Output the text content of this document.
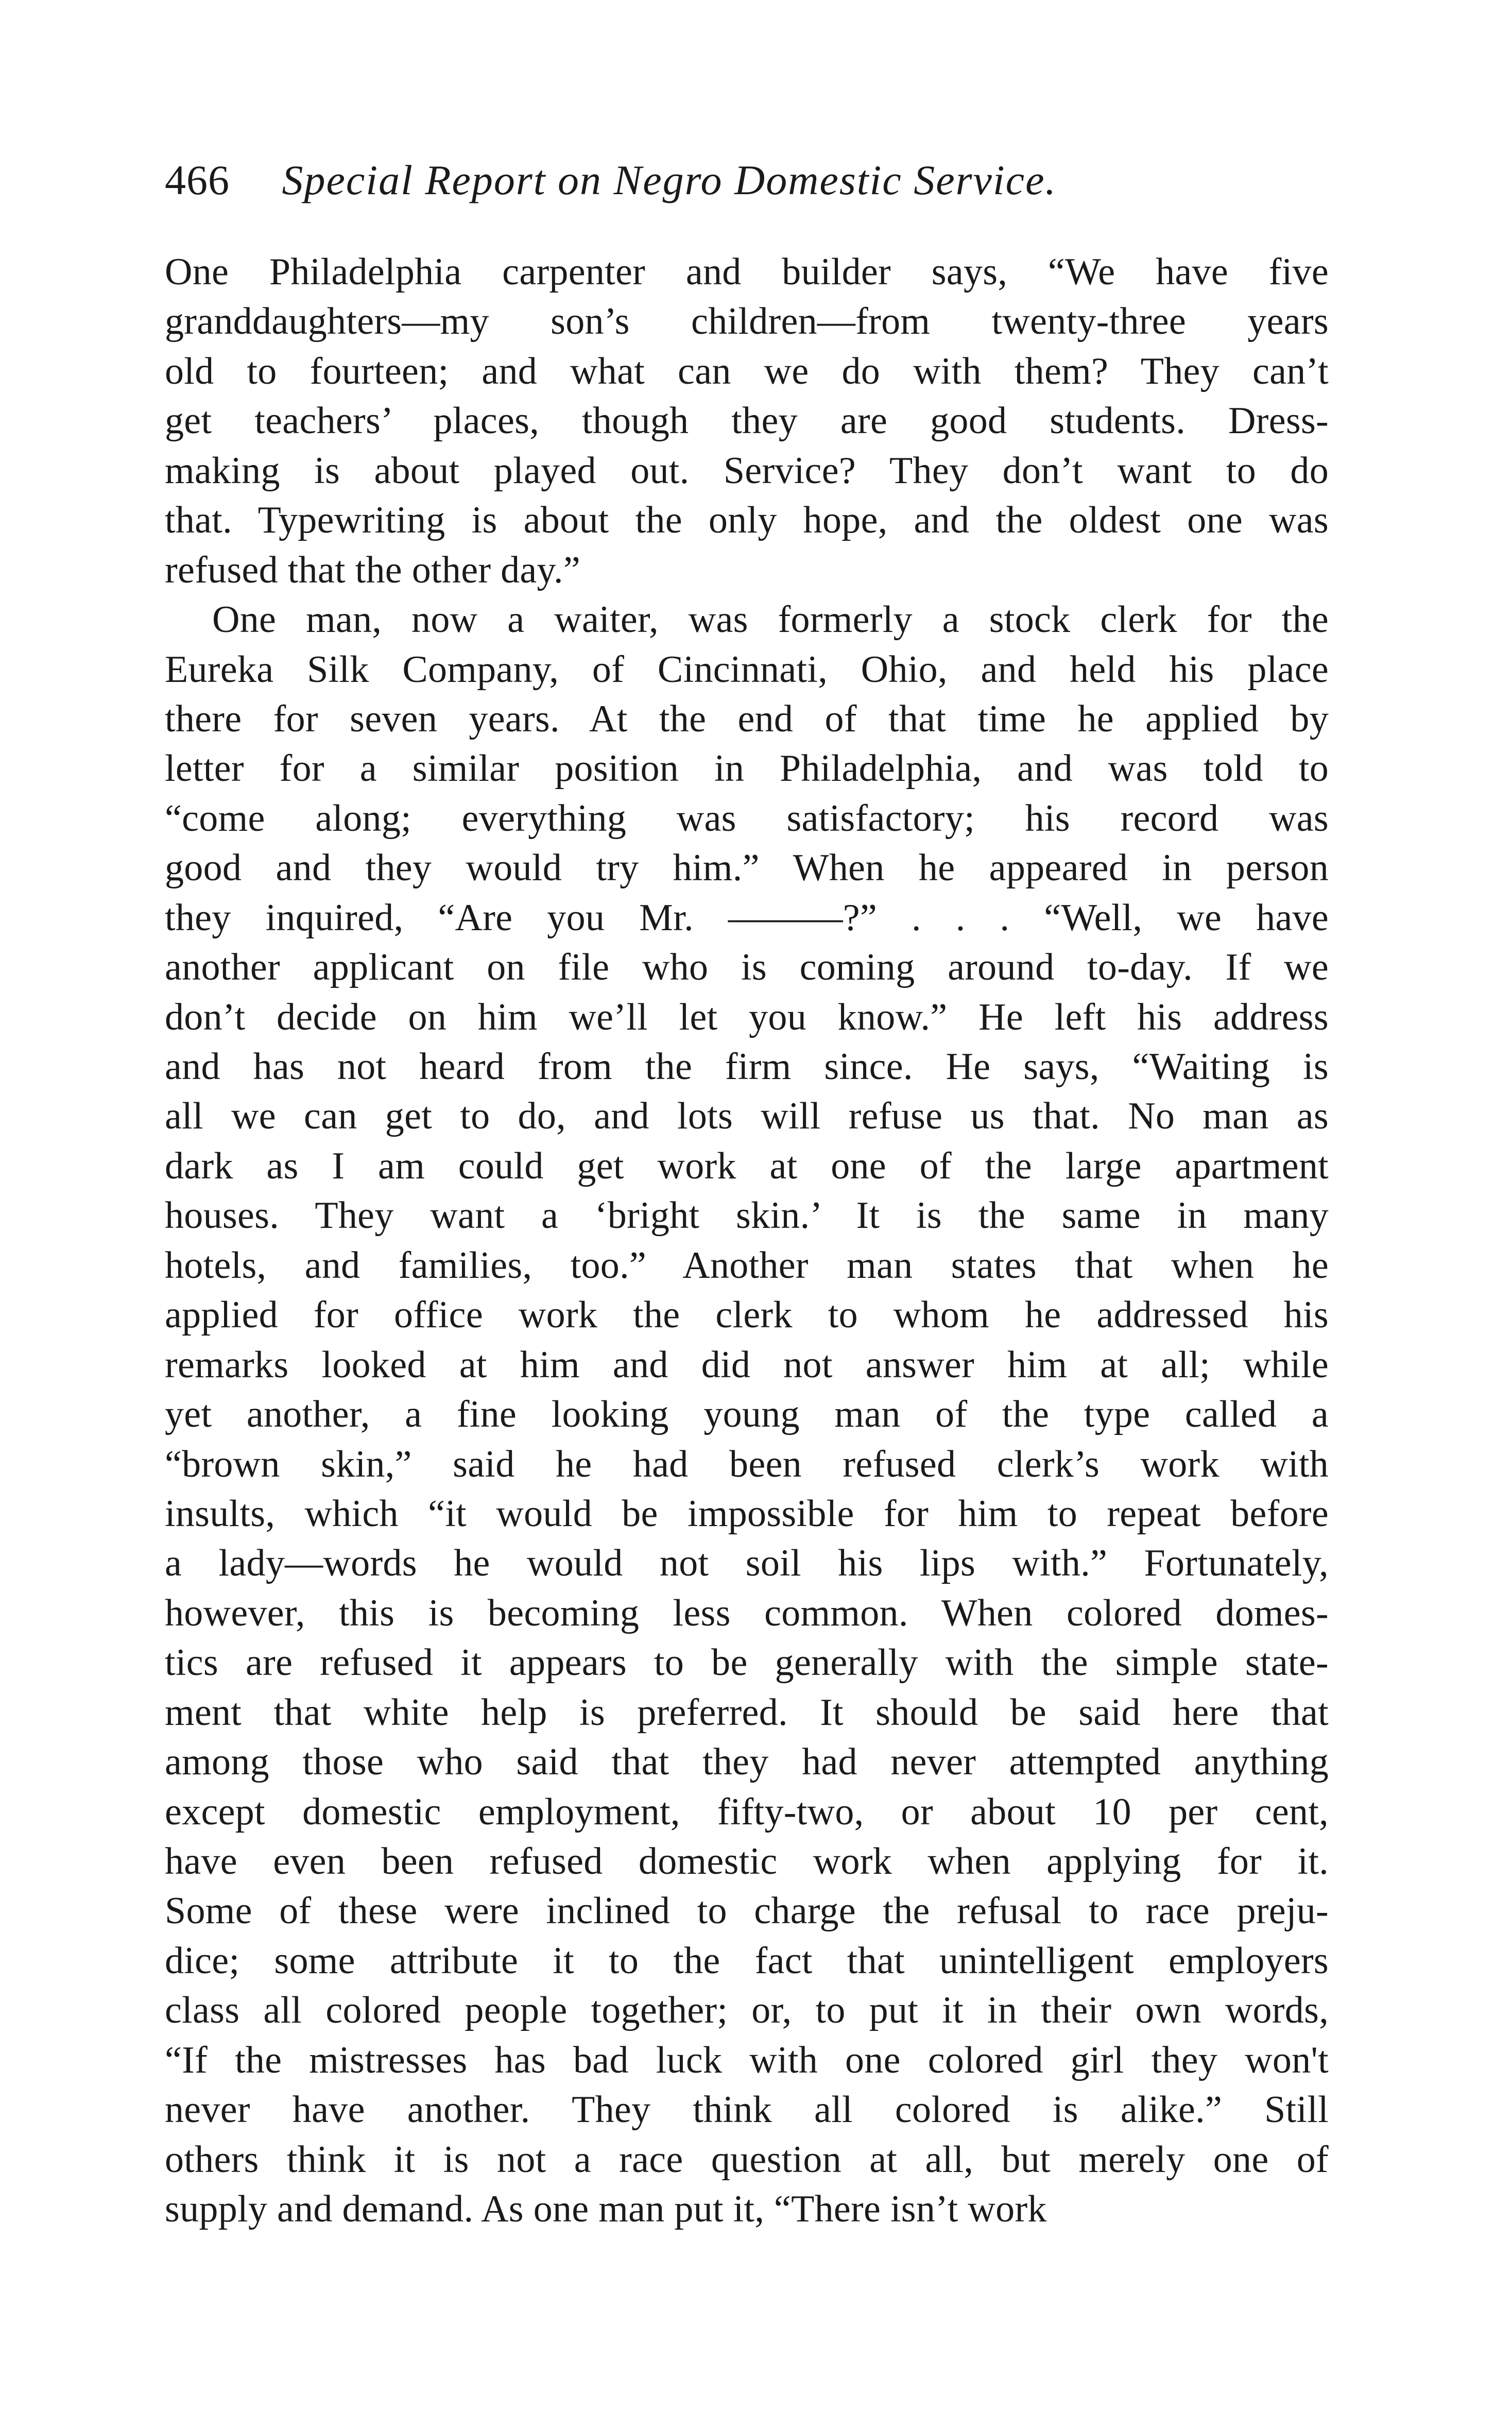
466 Special Report on Negro Domestic Service.
One Philadelphia carpenter and builder says, “We have five
granddaughters—my son’s children—from twenty-three years
old to fourteen; and what can we do with them? They can’t
get teachers’ places, though they are good students. Dress-
making is about played out. Service? They don’t want to do
that. Typewriting is about the only hope, and the oldest one was
refused that the other day.”
One man, now a waiter, was formerly a stock clerk for the
Eureka Silk Company, of Cincinnati, Ohio, and held his place
there for seven years. At the end of that time he applied by
letter for a similar position in Philadelphia, and was told to
“come along; everything was satisfactory; his record was
good and they would try him.” When he appeared in person
they inquired, “Are you Mr. ———?” . . . “Well, we have
another applicant on file who is coming around to-day. If we
don’t decide on him we’ll let you know.” He left his address
and has not heard from the firm since. He says, “Waiting is
all we can get to do, and lots will refuse us that. No man as
dark as I am could get work at one of the large apartment
houses. They want a ‘bright skin.’ It is the same in many
hotels, and families, too.” Another man states that when he
applied for office work the clerk to whom he addressed his
remarks looked at him and did not answer him at all; while
yet another, a fine looking young man of the type called a
“brown skin,” said he had been refused clerk’s work with
insults, which “it would be impossible for him to repeat before
a lady—words he would not soil his lips with.” Fortunately,
however, this is becoming less common. When colored domes-
tics are refused it appears to be generally with the simple state-
ment that white help is preferred. It should be said here that
among those who said that they had never attempted anything
except domestic employment, fifty-two, or about 10 per cent,
have even been refused domestic work when applying for it.
Some of these were inclined to charge the refusal to race preju-
dice; some attribute it to the fact that unintelligent employers
class all colored people together; or, to put it in their own words,
“If the mistresses has bad luck with one colored girl they won't
never have another. They think all colored is alike.” Still
others think it is not a race question at all, but merely one of
supply and demand. As one man put it, “There isn’t work
